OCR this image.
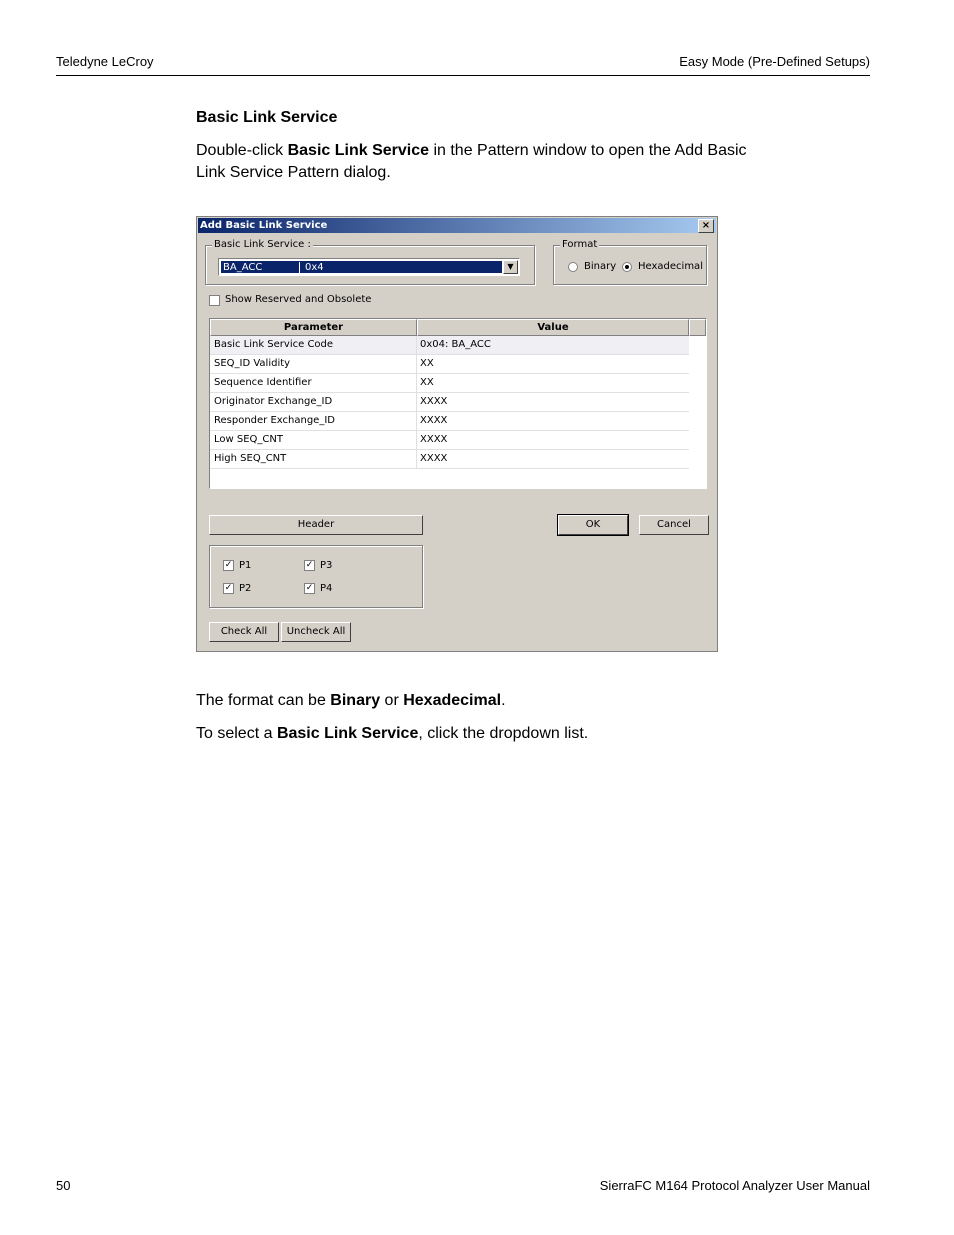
Teledyne LeCroy	Easy Mode (Pre-Defined Setups)
Basic Link Service
Double-click Basic Link Service in the Pattern window to open the Add Basic Link Service Pattern dialog.
Add Basic Link Service	×
Basic Link Service :
BA_ACC	0x4	▼
Format
Binary Hexadecimal
Show Reserved and Obsolete
Parameter	Value
Basic Link Service Code	0x04: BA_ACC
SEQ_ID Validity	XX
Sequence Identifier	XX
Originator Exchange_ID	XXXX
Responder Exchange_ID	XXXX
Low SEQ_CNT	XXXX
High SEQ_CNT	XXXX
Header	OK	Cancel
✓ P1	✓ P3
✓ P2	✓ P4
Check All	Uncheck All
The format can be Binary or Hexadecimal.
To select a Basic Link Service, click the dropdown list.
50	SierraFC M164 Protocol Analyzer User Manual
